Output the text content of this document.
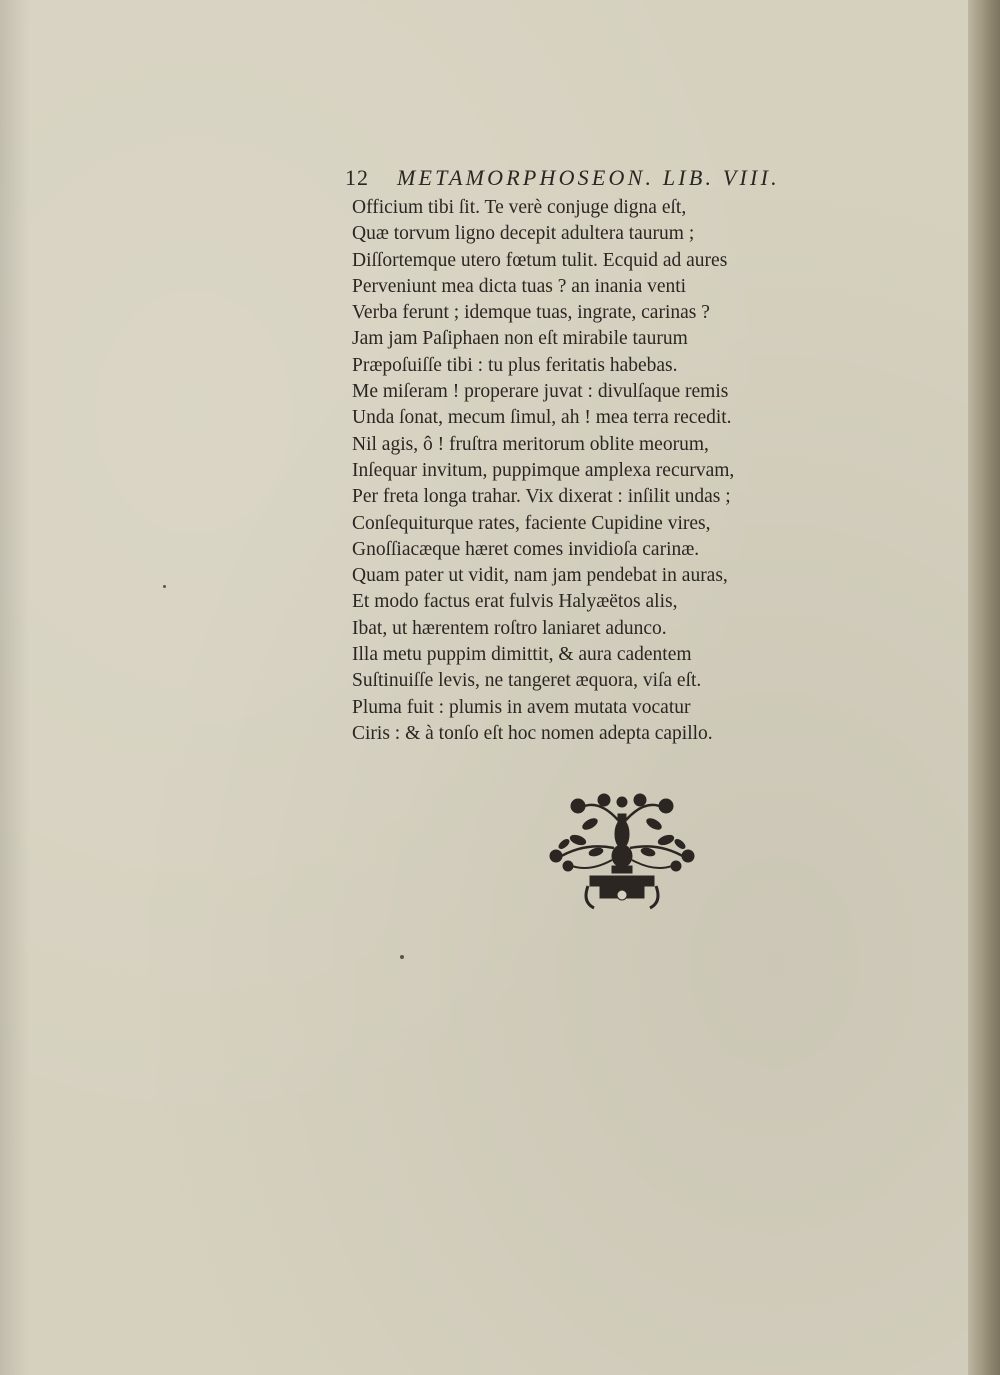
12 METAMORPHOSEON. LIB. VIII.
Officium tibi ſit. Te verè conjuge digna eſt,
Quæ torvum ligno decepit adultera taurum ;
Diſſortemque utero fœtum tulit. Ecquid ad aures
Perveniunt mea dicta tuas ? an inania venti
Verba ferunt ; idemque tuas, ingrate, carinas ?
Jam jam Paſiphaen non eſt mirabile taurum
Præpoſuiſſe tibi : tu plus feritatis habebas.
Me miſeram ! properare juvat : divulſaque remis
Unda ſonat, mecum ſimul, ah ! mea terra recedit.
Nil agis, ô ! fruſtra meritorum oblite meorum,
Inſequar invitum, puppimque amplexa recurvam,
Per freta longa trahar. Vix dixerat : inſilit undas ;
Conſequiturque rates, faciente Cupidine vires,
Gnoſſiacæque hæret comes invidioſa carinæ.
Quam pater ut vidit, nam jam pendebat in auras,
Et modo factus erat fulvis Halyæëtos alis,
Ibat, ut hærentem roſtro laniaret adunco.
Illa metu puppim dimittit, & aura cadentem
Suſtinuiſſe levis, ne tangeret æquora, viſa eſt.
Pluma fuit : plumis in avem mutata vocatur
Ciris : & à tonſo eſt hoc nomen adepta capillo.
